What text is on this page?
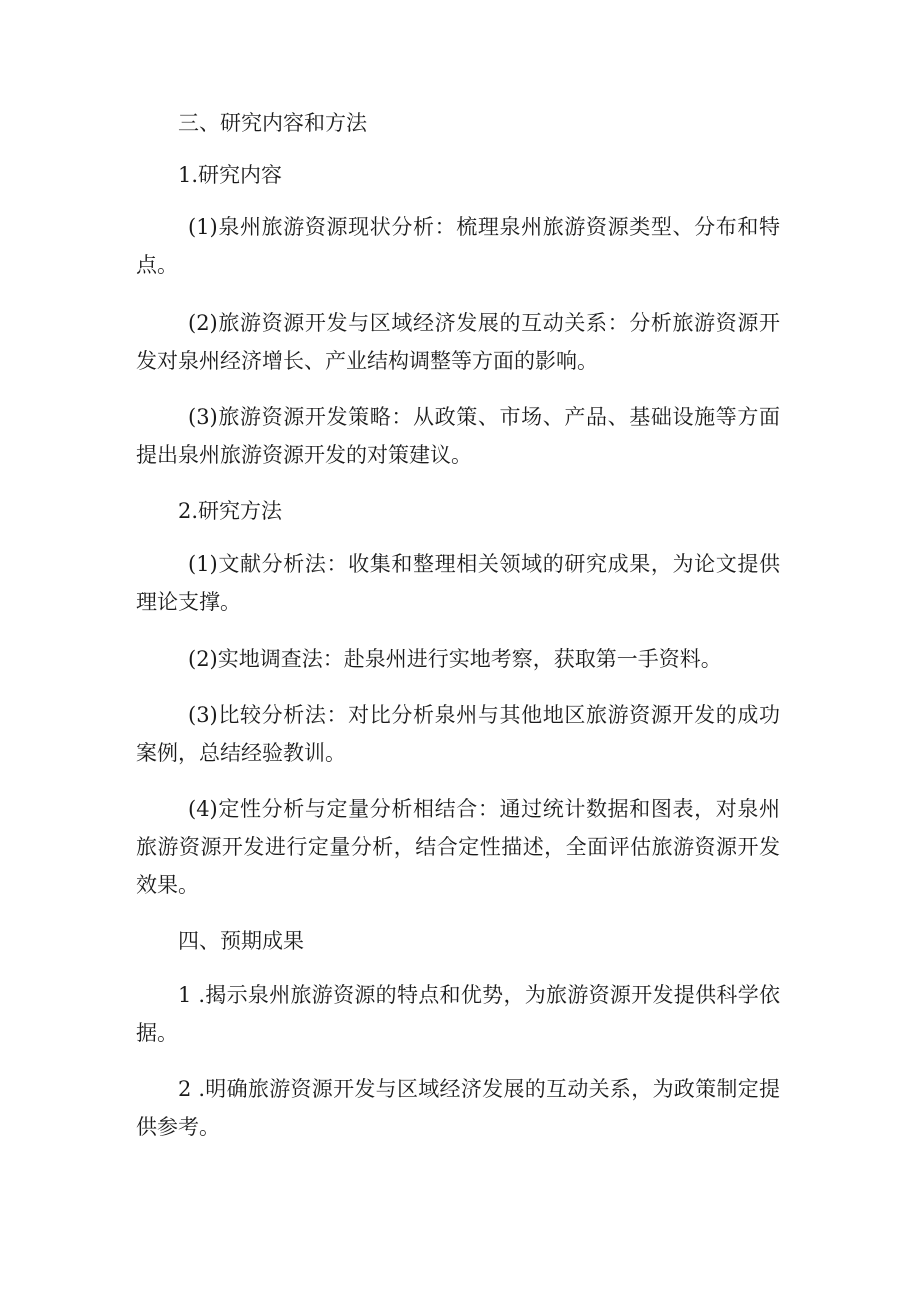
三、研究内容和方法

1.研究内容

(1)泉州旅游资源现状分析：梳理泉州旅游资源类型、分布和特点。

(2)旅游资源开发与区域经济发展的互动关系：分析旅游资源开发对泉州经济增长、产业结构调整等方面的影响。

(3)旅游资源开发策略：从政策、市场、产品、基础设施等方面提出泉州旅游资源开发的对策建议。

2.研究方法

(1)文献分析法：收集和整理相关领域的研究成果，为论文提供理论支撑。

(2)实地调查法：赴泉州进行实地考察，获取第一手资料。

(3)比较分析法：对比分析泉州与其他地区旅游资源开发的成功案例，总结经验教训。

(4)定性分析与定量分析相结合：通过统计数据和图表，对泉州旅游资源开发进行定量分析，结合定性描述，全面评估旅游资源开发效果。

四、预期成果

1 .揭示泉州旅游资源的特点和优势，为旅游资源开发提供科学依据。

2 .明确旅游资源开发与区域经济发展的互动关系，为政策制定提供参考。
